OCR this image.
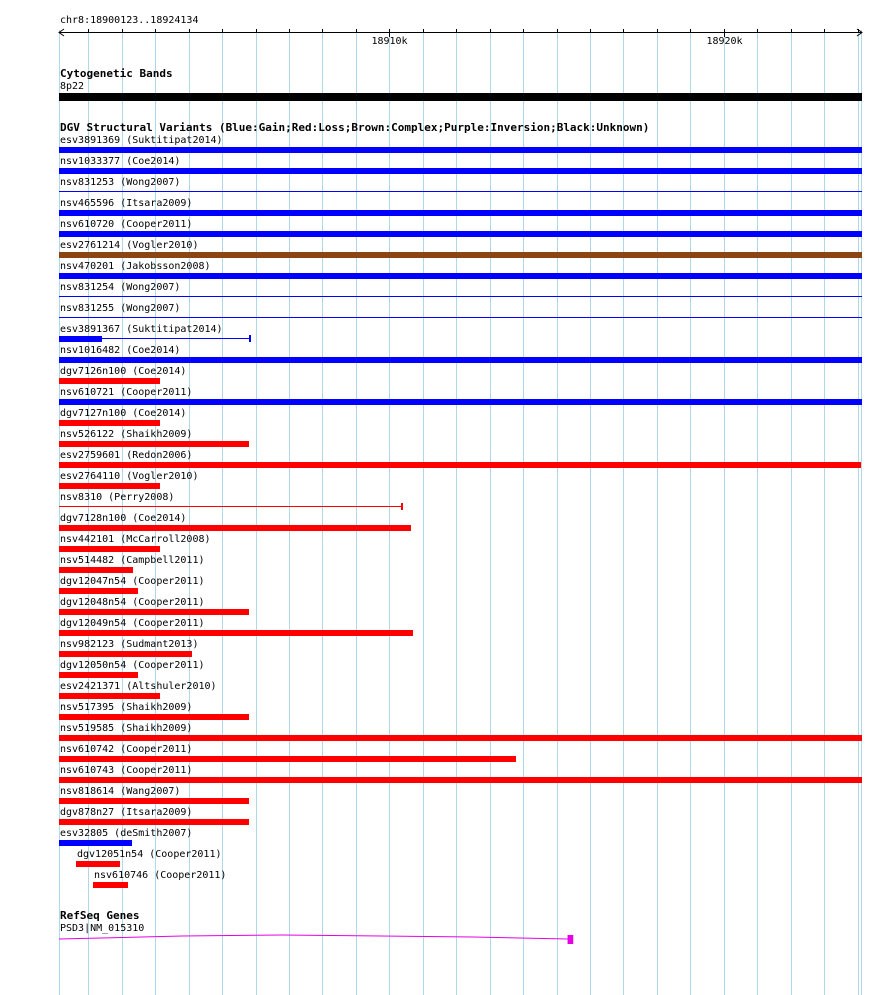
chr8:18900123..18924134
18910k	18920k
Cytogenetic Bands
8p22
DGV Structural Variants (Blue:Gain;Red:Loss;Brown:Complex;Purple:Inversion;Black:Unknown)
esv3891369 (Suktitipat2014)
nsv1033377 (Coe2014)
nsv831253 (Wong2007)
nsv465596 (Itsara2009)
nsv610720 (Cooper2011)
esv2761214 (Vogler2010)
nsv470201 (Jakobsson2008)
nsv831254 (Wong2007)
nsv831255 (Wong2007)
esv3891367 (Suktitipat2014)
nsv1016482 (Coe2014)
dgv7126n100 (Coe2014)
nsv610721 (Cooper2011)
dgv7127n100 (Coe2014)
nsv526122 (Shaikh2009)
esv2759601 (Redon2006)
esv2764110 (Vogler2010)
nsv8310 (Perry2008)
dgv7128n100 (Coe2014)
nsv442101 (McCarroll2008)
nsv514482 (Campbell2011)
dgv12047n54 (Cooper2011)
dgv12048n54 (Cooper2011)
dgv12049n54 (Cooper2011)
nsv982123 (Sudmant2013)
dgv12050n54 (Cooper2011)
esv2421371 (Altshuler2010)
nsv517395 (Shaikh2009)
nsv519585 (Shaikh2009)
nsv610742 (Cooper2011)
nsv610743 (Cooper2011)
nsv818614 (Wang2007)
dgv878n27 (Itsara2009)
esv32805 (deSmith2007)
dgv12051n54 (Cooper2011)
nsv610746 (Cooper2011)
RefSeq Genes
PSD3|NM_015310
